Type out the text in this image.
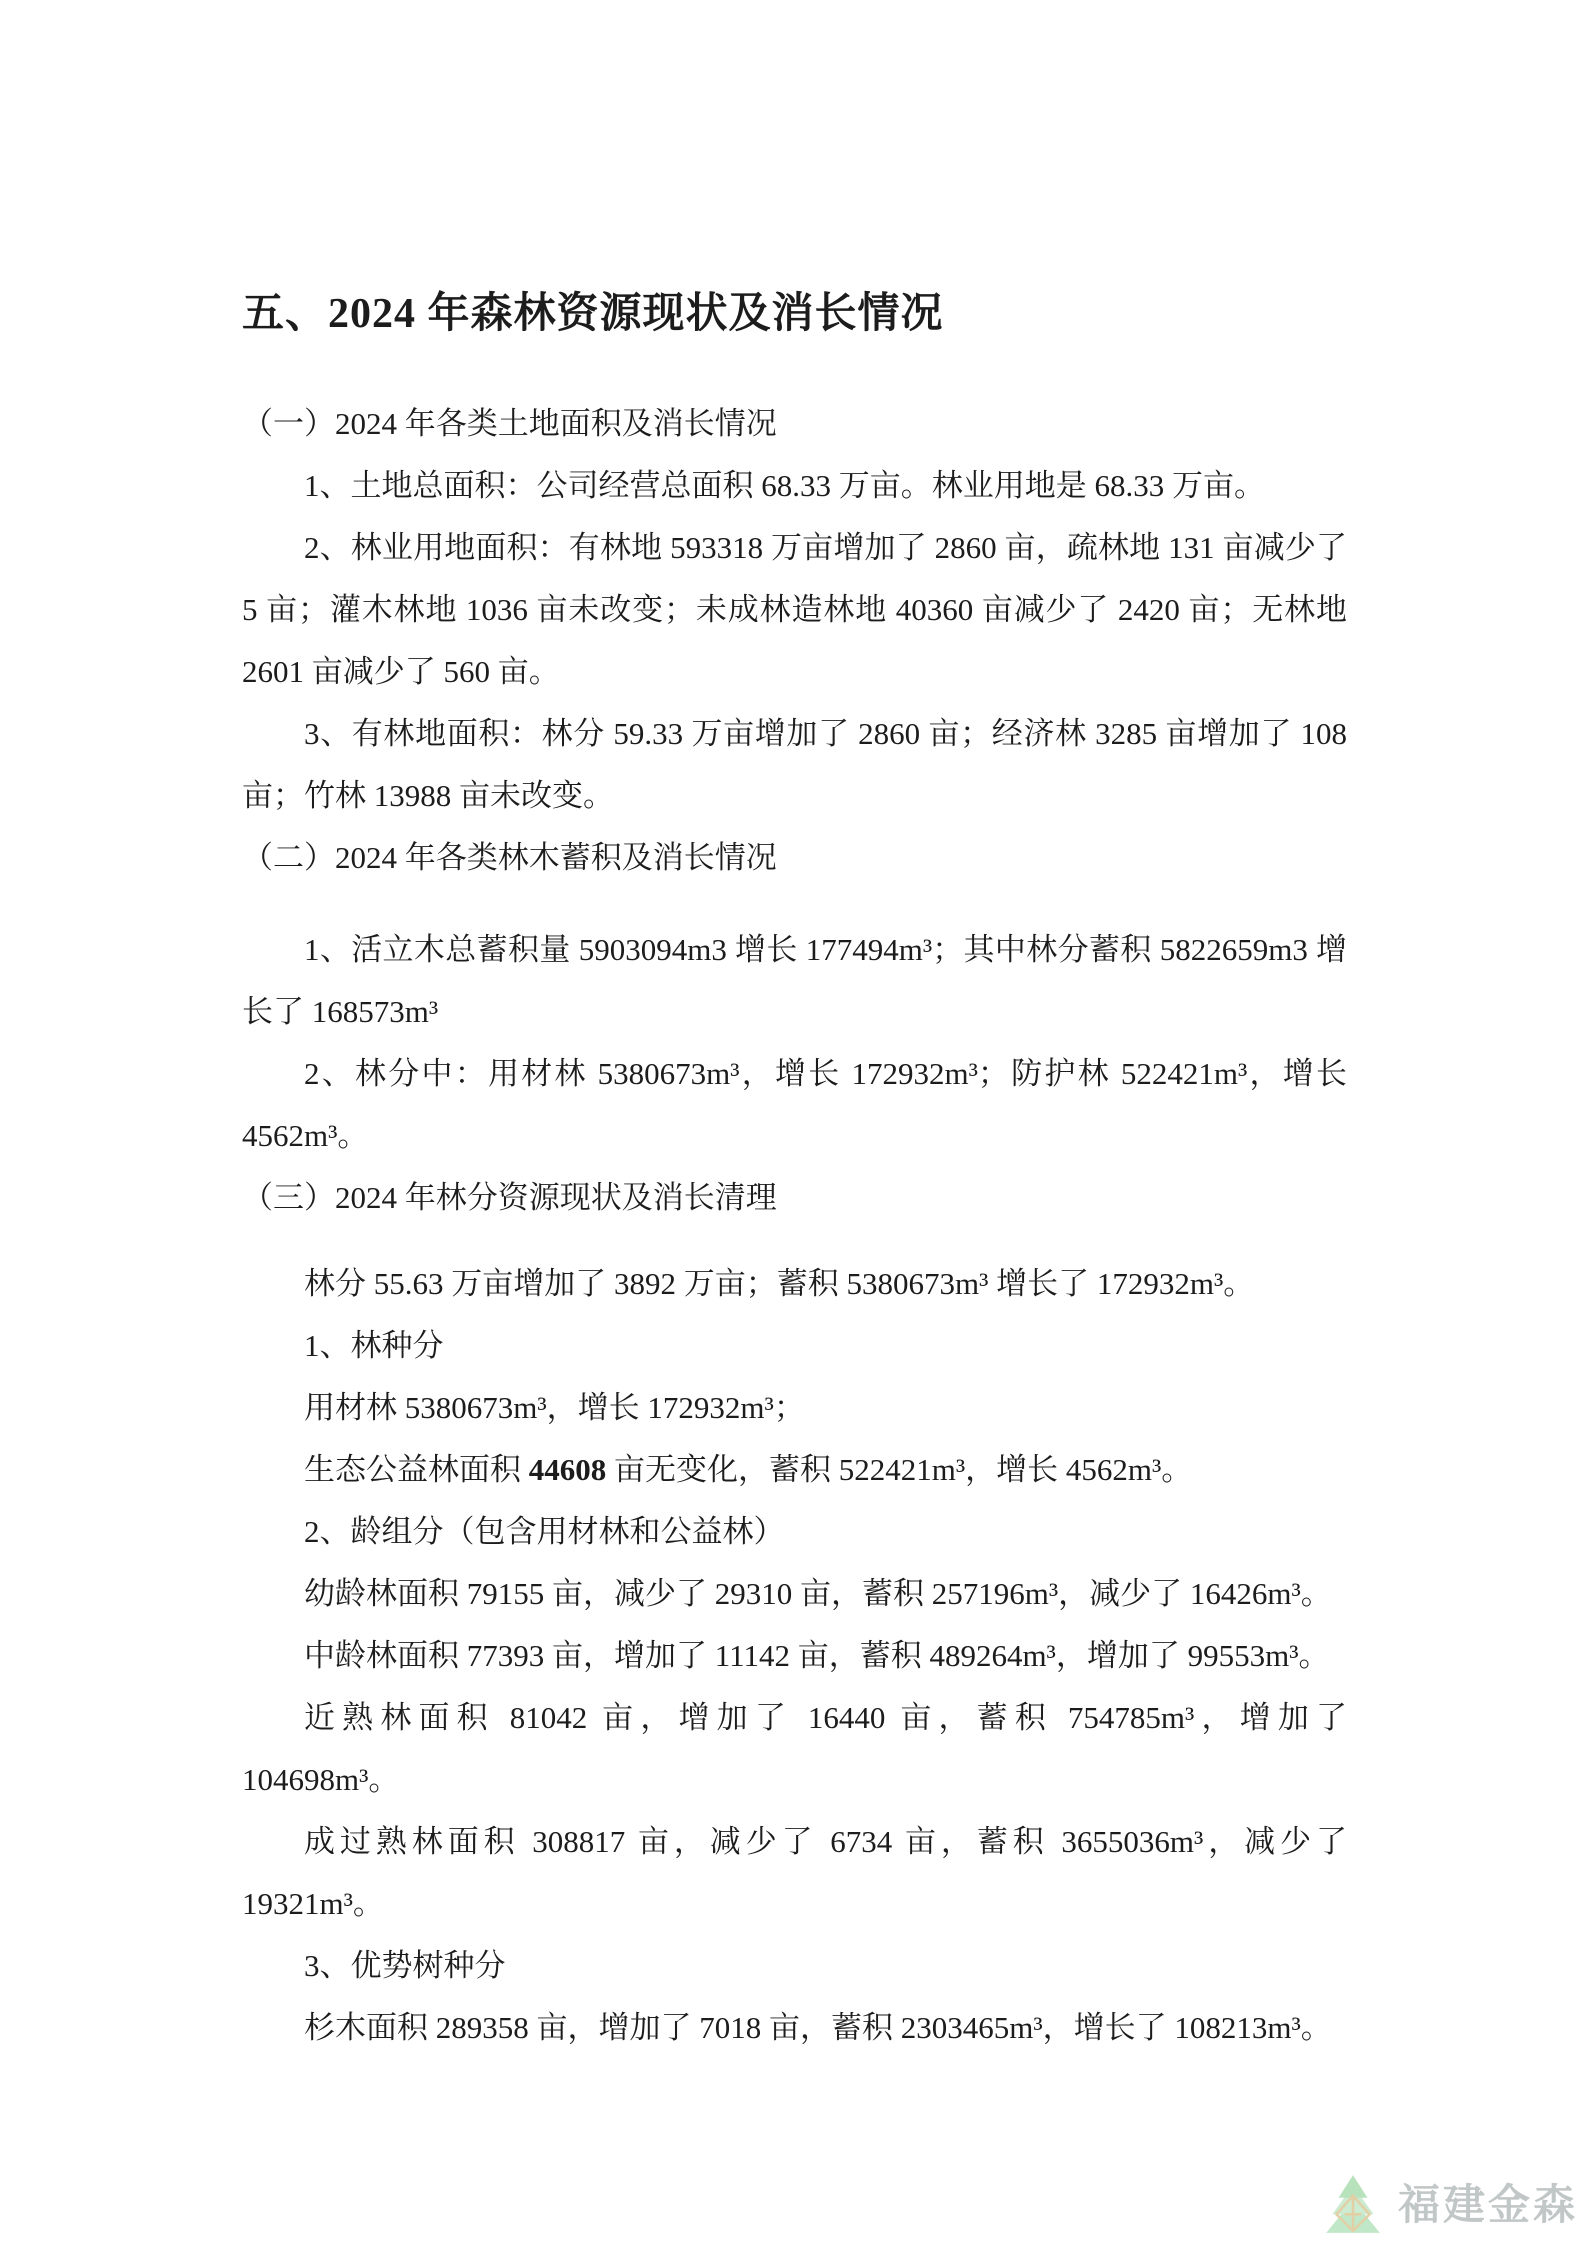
五、2024 年森林资源现状及消长情况

（一）2024 年各类土地面积及消长情况

1、土地总面积：公司经营总面积 68.33 万亩。林业用地是 68.33 万亩。

2、林业用地面积：有林地 593318 万亩增加了 2860 亩，疏林地 131 亩减少了 5 亩；灌木林地 1036 亩未改变；未成林造林地 40360 亩减少了 2420 亩；无林地 2601 亩减少了 560 亩。

3、有林地面积：林分 59.33 万亩增加了 2860 亩；经济林 3285 亩增加了 108 亩；竹林 13988 亩未改变。

（二）2024 年各类林木蓄积及消长情况

1、活立木总蓄积量 5903094m3 增长 177494m³；其中林分蓄积 5822659m3 增长了 168573m³

2、林分中：用材林 5380673m³，增长 172932m³；防护林 522421m³，增长 4562m³。

（三）2024 年林分资源现状及消长清理

林分 55.63 万亩增加了 3892 万亩；蓄积 5380673m³ 增长了 172932m³。

1、林种分

用材林 5380673m³，增长 172932m³；

生态公益林面积 44608 亩无变化，蓄积 522421m³，增长 4562m³。

2、龄组分（包含用材林和公益林）

幼龄林面积 79155 亩，减少了 29310 亩，蓄积 257196m³，减少了 16426m³。

中龄林面积 77393 亩，增加了 11142 亩，蓄积 489264m³，增加了 99553m³。

近熟林面积 81042 亩，增加了 16440 亩，蓄积 754785m³，增加了 104698m³。

成过熟林面积 308817 亩，减少了 6734 亩，蓄积 3655036m³，减少了 19321m³。

3、优势树种分

杉木面积 289358 亩，增加了 7018 亩，蓄积 2303465m³，增长了 108213m³。

福建金森
